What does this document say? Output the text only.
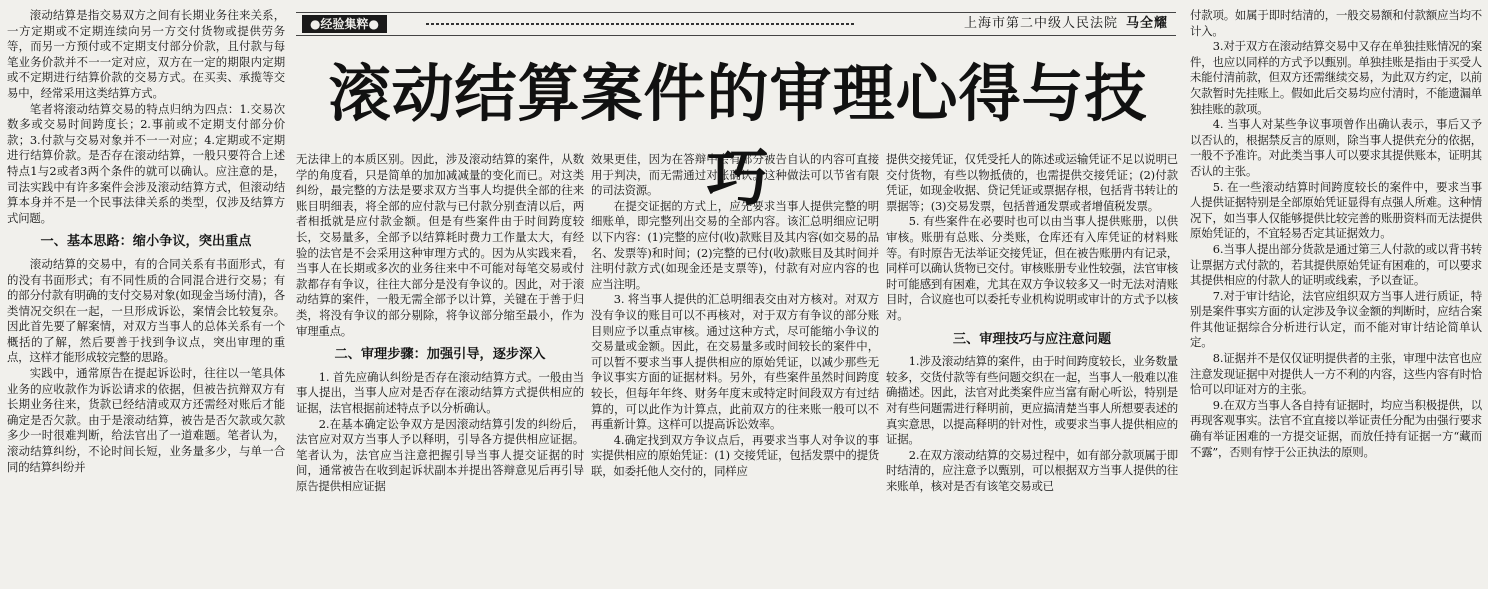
●经验集粹●	上海市第二中级人民法院 马全耀
滚动结算案件的审理心得与技巧

滚动结算是指交易双方之间有长期业务往来关系，一方定期或不定期连续向另一方交付货物或提供劳务等，而另一方预付或不定期支付部分价款，且付款与每笔业务价款并不一一定对应，双方在一定的期限内定期或不定期进行结算价款的交易方式。在买卖、承揽等交易中，经常采用这类结算方式。

笔者将滚动结算交易的特点归纳为四点：1.交易次数多或交易时间跨度长；2.事前或不定期支付部分价款；3.付款与交易对象并不一一对应；4.定期或不定期进行结算价款。是否存在滚动结算，一般只要符合上述特点1与2或者3两个条件的就可以确认。应注意的是，司法实践中有许多案件会涉及滚动结算方式，但滚动结算本身并不是一个民事法律关系的类型，仅涉及结算方式问题。

一、基本思路：缩小争议，突出重点

滚动结算的交易中，有的合同关系有书面形式，有的没有书面形式；有不同性质的合同混合进行交易；有的部分付款有明确的支付交易对象(如现金当场付清)，各类情况交织在一起，一旦形成诉讼，案情会比较复杂。因此首先要了解案情，对双方当事人的总体关系有一个概括的了解，然后要善于找到争议点，突出审理的重点，这样才能形成较完整的思路。

实践中，通常原告在提起诉讼时，往往以一笔具体业务的应收款作为诉讼请求的依据，但被告抗辩双方有长期业务往来，货款已经结清或双方还需经对账后才能确定是否欠款。由于是滚动结算，被告是否欠款或欠款多少一时很难判断，给法官出了一道难题。笔者认为，滚动结算纠纷，不论时间长短，业务量多少，与单一合同的结算纠纷并

无法律上的本质区别。因此，涉及滚动结算的案件，从数学的角度看，只是简单的加加减减量的变化而已。对这类纠纷，最完整的方法是要求双方当事人均提供全部的往来账目明细表，将全部的应付款与已付款分别查清以后，两者相抵就是应付款金额。但是有些案件由于时间跨度较长，交易量多，全部予以结算耗时费力工作量太大，有经验的法官是不会采用这种审理方式的。因为从实践来看，当事人在长期或多次的业务往来中不可能对每笔交易或付款都存有争议，往往大部分是没有争议的。因此，对于滚动结算的案件，一般无需全部予以计算，关键在于善于归类，将没有争议的部分剔除，将争议部分缩至最小，作为审理重点。

二、审理步骤：加强引导，逐步深入

1. 首先应确认纠纷是否存在滚动结算方式。一般由当事人提出，当事人应对是否存在滚动结算方式提供相应的证据，法官根据前述特点予以分析确认。

2.在基本确定讼争双方是因滚动结算引发的纠纷后，法官应对双方当事人予以释明，引导各方提供相应证据。笔者认为，法官应当注意把握引导当事人提交证据的时间，通常被告在收到起诉状副本并提出答辩意见后再引导原告提供相应证据

效果更佳，因为在答辩中会有部分被告自认的内容可直接用于判决，而无需通过对账确认。这种做法可以节省有限的司法资源。

在提交证据的方式上，应先要求当事人提供完整的明细账单，即完整列出交易的全部内容。该汇总明细应记明以下内容：(1)完整的应付(收)款账目及其内容(如交易的品名、发票等)和时间；(2)完整的已付(收)款账目及其时间并注明付款方式(如现金还是支票等)，付款有对应内容的也应当注明。

3. 将当事人提供的汇总明细表交由对方核对。对双方没有争议的账目可以不再核对，对于双方有争议的部分账目则应予以重点审核。通过这种方式，尽可能缩小争议的交易量或金额。因此，在交易量多或时间较长的案件中，可以暂不要求当事人提供相应的原始凭证，以减少那些无争议事实方面的证据材料。另外，有些案件虽然时间跨度较长，但每年年终、财务年度末或特定时间段双方有过结算的，可以此作为计算点，此前双方的往来账一般可以不再重新计算。这样可以提高诉讼效率。

4.确定找到双方争议点后，再要求当事人对争议的事实提供相应的原始凭证：(1) 交接凭证，包括发票中的提货联，如委托他人交付的，同样应

提供交接凭证，仅凭受托人的陈述或运输凭证不足以说明已交付货物，有些以物抵债的，也需提供交接凭证；(2)付款凭证，如现金收据、贷记凭证或票据存根，包括背书转让的票据等；(3)交易发票，包括普通发票或者增值税发票。

5. 有些案件在必要时也可以由当事人提供账册，以供审核。账册有总账、分类账，仓库还有入库凭证的材料账等。有时原告无法举证交接凭证，但在被告账册内有记录，同样可以确认货物已交付。审核账册专业性较强，法官审核时可能感到有困难，尤其在双方争议较多又一时无法对清账目时，合议庭也可以委托专业机构说明或审计的方式予以核对。

三、审理技巧与应注意问题

1.涉及滚动结算的案件，由于时间跨度较长，业务数量较多，交货付款等有些问题交织在一起，当事人一般难以准确描述。因此，法官对此类案件应当富有耐心听讼，特别是对有些问题需进行释明前，更应搞清楚当事人所想要表述的真实意思，以提高释明的针对性，或要求当事人提供相应的证据。

2.在双方滚动结算的交易过程中，如有部分款项属于即时结清的，应注意予以甄别，可以根据双方当事人提供的往来账单，核对是否有该笔交易或已

付款项。如属于即时结清的，一般交易额和付款额应当均不计入。

3.对于双方在滚动结算交易中又存在单独挂账情况的案件，也应以同样的方式予以甄别。单独挂账是指由于买受人未能付清前款，但双方还需继续交易，为此双方约定，以前欠款暂时先挂账上。假如此后交易均应付清时，不能遗漏单独挂账的款项。

4. 当事人对某些争议事项曾作出确认表示，事后又予以否认的，根据禁反言的原则，除当事人提供充分的依据，一般不予准许。对此类当事人可以要求其提供账本，证明其否认的主张。

5. 在一些滚动结算时间跨度较长的案件中，要求当事人提供证据特别是全部原始凭证显得有点强人所难。这种情况下，如当事人仅能够提供比较完善的账册资料而无法提供原始凭证的，不宜轻易否定其证据效力。

6.当事人提出部分货款是通过第三人付款的或以背书转让票据方式付款的，若其提供原始凭证有困难的，可以要求其提供相应的付款人的证明或线索，予以查证。

7.对于审计结论，法官应组织双方当事人进行质证，特别是案件事实方面的认定涉及争议金额的判断时，应结合案件其他证据综合分析进行认定，而不能对审计结论简单认定。

8.证据并不是仅仅证明提供者的主张，审理中法官也应注意发现证据中对提供人一方不利的内容，这些内容有时恰恰可以印证对方的主张。

9.在双方当事人各自持有证据时，均应当积极提供，以再现客观事实。法官不宜直接以举证责任分配为由强行要求确有举证困难的一方提交证据，而放任持有证据一方“藏而不露”，否则有悖于公正执法的原则。
